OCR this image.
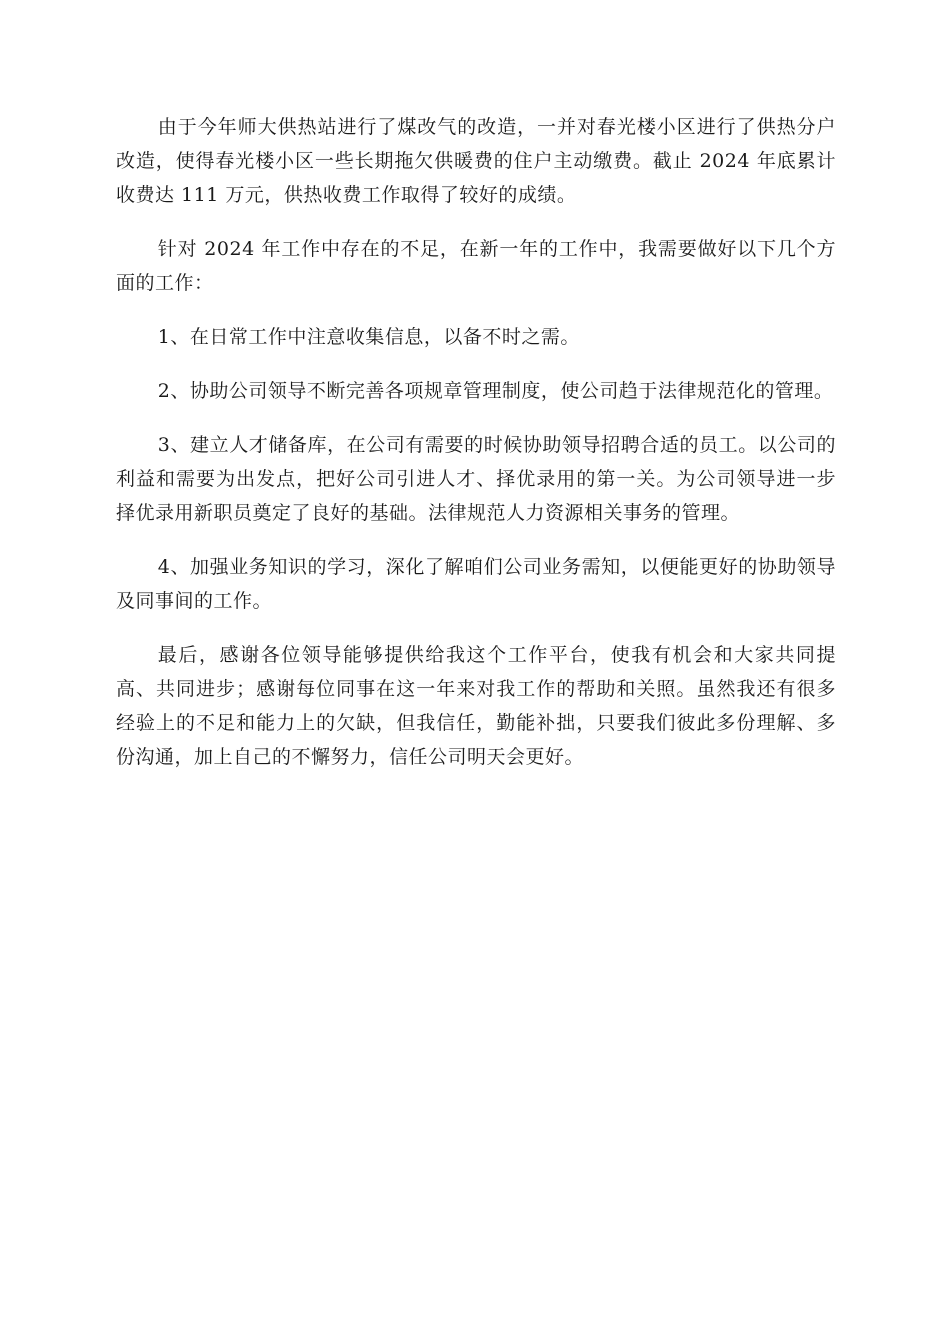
由于今年师大供热站进行了煤改气的改造，一并对春光楼小区进行了供热分户改造，使得春光楼小区一些长期拖欠供暖费的住户主动缴费。截止 2024 年底累计收费达 111 万元，供热收费工作取得了较好的成绩。

针对 2024 年工作中存在的不足，在新一年的工作中，我需要做好以下几个方面的工作：

1、在日常工作中注意收集信息，以备不时之需。

2、协助公司领导不断完善各项规章管理制度，使公司趋于法律规范化的管理。

3、建立人才储备库，在公司有需要的时候协助领导招聘合适的员工。以公司的利益和需要为出发点，把好公司引进人才、择优录用的第一关。为公司领导进一步择优录用新职员奠定了良好的基础。法律规范人力资源相关事务的管理。

4、加强业务知识的学习，深化了解咱们公司业务需知，以便能更好的协助领导及同事间的工作。

最后，感谢各位领导能够提供给我这个工作平台，使我有机会和大家共同提高、共同进步；感谢每位同事在这一年来对我工作的帮助和关照。虽然我还有很多经验上的不足和能力上的欠缺，但我信任，勤能补拙，只要我们彼此多份理解、多份沟通，加上自己的不懈努力，信任公司明天会更好。
